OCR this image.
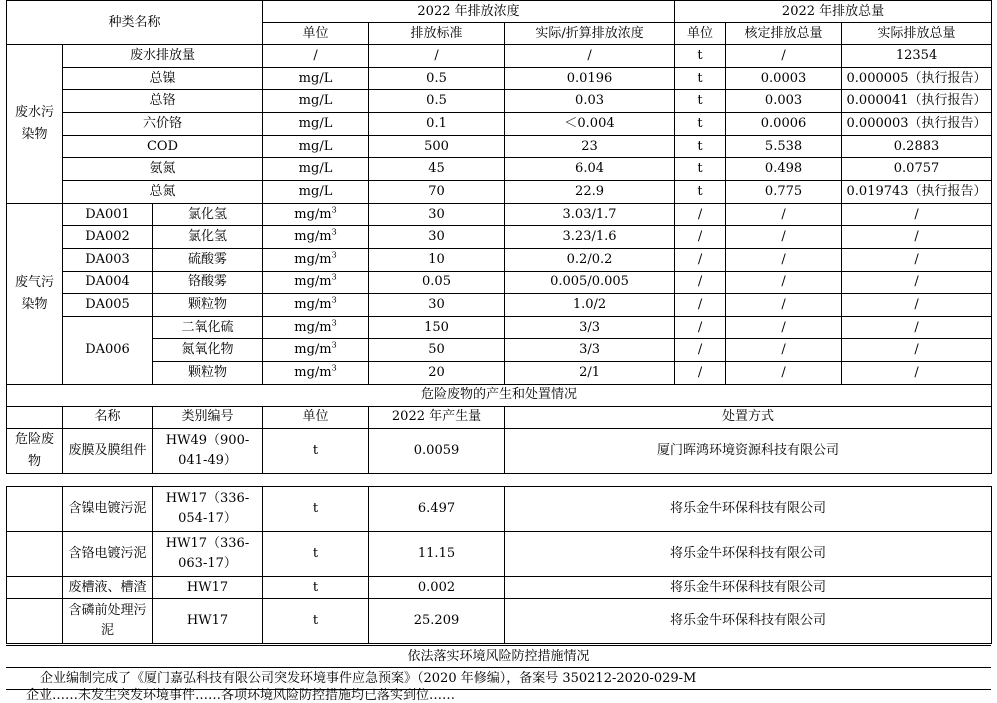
种类名称			2022 年排放浓度			2022 年排放总量		
			单位	排放标准	实际/折算排放浓度	单位	核定排放总量	实际排放总量
废水污染物	废水排放量		/	/	/	t	/	12354
	总镍		mg/L	0.5	0.0196	t	0.0003	0.000005（执行报告）
	总铬		mg/L	0.5	0.03	t	0.003	0.000041（执行报告）
	六价铬		mg/L	0.1	＜0.004	t	0.0006	0.000003（执行报告）
	COD		mg/L	500	23	t	5.538	0.2883
	氨氮		mg/L	45	6.04	t	0.498	0.0757
	总氮		mg/L	70	22.9	t	0.775	0.019743（执行报告）
废气污染物	DA001	氯化氢	$mg/m^3$	30	3.03/1.7	/	/	/
	DA002	氯化氢	$mg/m^3$	30	3.23/1.6	/	/	/
	DA003	硫酸雾	$mg/m^3$	10	0.2/0.2	/	/	/
	DA004	铬酸雾	$mg/m^3$	0.05	0.005/0.005	/	/	/
	DA005	颗粒物	$mg/m^3$	30	1.0/2	/	/	/
	DA006	二氧化硫	$mg/m^3$	150	3/3	/	/	/
		氮氧化物	$mg/m^3$	50	3/3	/	/	/
		颗粒物	$mg/m^3$	20	2/1	/	/	/
危险废物的产生和处置情况								
	名称	类别编号	单位	2022 年产生量	处置方式			
危险废物	废膜及膜组件	HW49（900-041-49）	t	0.0059	厦门晖鸿环境资源科技有限公司			
	含镍电镀污泥	HW17（336-054-17）	t	6.497	将乐金牛环保科技有限公司
	含铬电镀污泥	HW17（336-063-17）	t	11.15	将乐金牛环保科技有限公司
	废槽液、槽渣	HW17	t	0.002	将乐金牛环保科技有限公司
	含磷前处理污泥	HW17	t	25.209	将乐金牛环保科技有限公司
依法落实环境风险防控措施情况
企业编制完成了《厦门嘉弘科技有限公司突发环境事件应急预案》（2020 年修编），备案号 350212-2020-029-M
企业……未发生突发环境事件……各项环境风险防控措施均已落实到位……
